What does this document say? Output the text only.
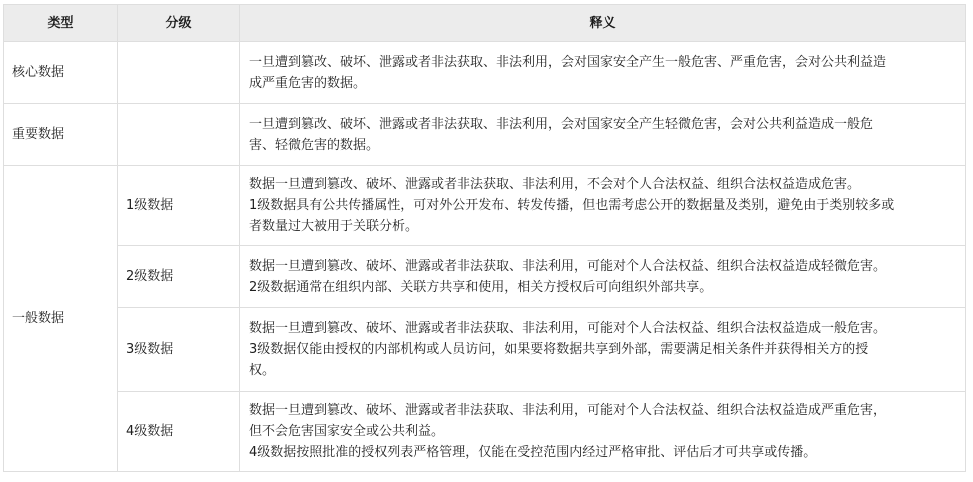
类型	分级	释义
核心数据		一旦遭到篡改、破坏、泄露或者非法获取、非法利用，会对国家安全产生一般危害、严重危害，会对公共利益造
成严重危害的数据。

重要数据		一旦遭到篡改、破坏、泄露或者非法获取、非法利用，会对国家安全产生轻微危害，会对公共利益造成一般危
害、轻微危害的数据。

一般数据	1级数据	数据一旦遭到篡改、破坏、泄露或者非法获取、非法利用，不会对个人合法权益、组织合法权益造成危害。
1级数据具有公共传播属性，可对外公开发布、转发传播，但也需考虑公开的数据量及类别，避免由于类别较多或
者数量过大被用于关联分析。

	2级数据	数据一旦遭到篡改、破坏、泄露或者非法获取、非法利用，可能对个人合法权益、组织合法权益造成轻微危害。
2级数据通常在组织内部、关联方共享和使用，相关方授权后可向组织外部共享。

	3级数据	数据一旦遭到篡改、破坏、泄露或者非法获取、非法利用，可能对个人合法权益、组织合法权益造成一般危害。
3级数据仅能由授权的内部机构或人员访问，如果要将数据共享到外部，需要满足相关条件并获得相关方的授
权。

	4级数据	数据一旦遭到篡改、破坏、泄露或者非法获取、非法利用，可能对个人合法权益、组织合法权益造成严重危害，
但不会危害国家安全或公共利益。
4级数据按照批准的授权列表严格管理，仅能在受控范围内经过严格审批、评估后才可共享或传播。
